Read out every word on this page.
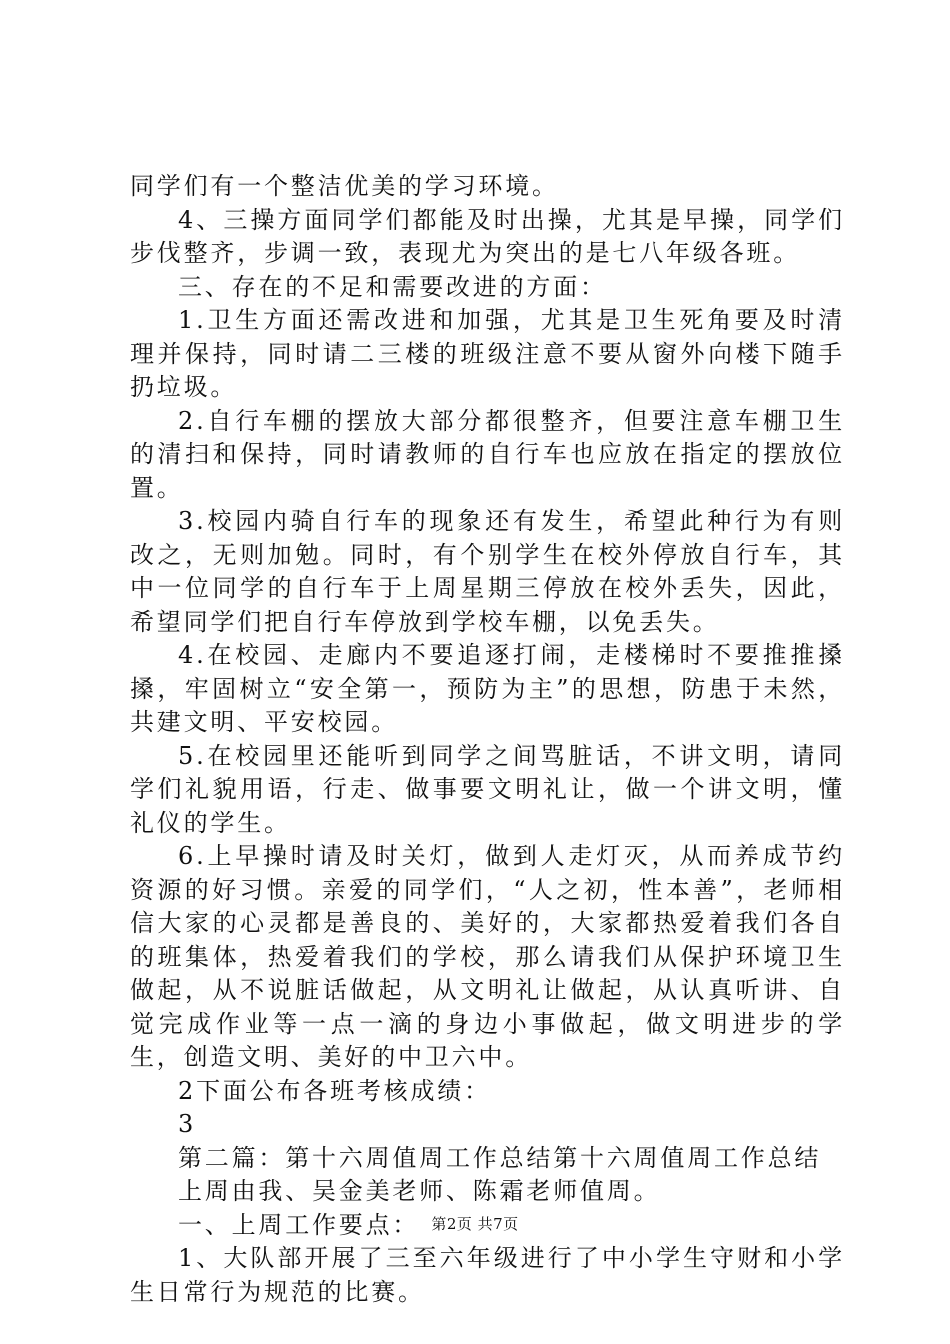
同学们有一个整洁优美的学习环境。

4、三操方面同学们都能及时出操，尤其是早操，同学们步伐整齐，步调一致，表现尤为突出的是七八年级各班。

三、存在的不足和需要改进的方面：

1.卫生方面还需改进和加强，尤其是卫生死角要及时清理并保持，同时请二三楼的班级注意不要从窗外向楼下随手扔垃圾。

2.自行车棚的摆放大部分都很整齐，但要注意车棚卫生的清扫和保持，同时请教师的自行车也应放在指定的摆放位置。

3.校园内骑自行车的现象还有发生，希望此种行为有则改之，无则加勉。同时，有个别学生在校外停放自行车，其中一位同学的自行车于上周星期三停放在校外丢失，因此，希望同学们把自行车停放到学校车棚，以免丢失。

4.在校园、走廊内不要追逐打闹，走楼梯时不要推推搡搡，牢固树立“安全第一，预防为主”的思想，防患于未然，共建文明、平安校园。

5.在校园里还能听到同学之间骂脏话，不讲文明，请同学们礼貌用语，行走、做事要文明礼让，做一个讲文明，懂礼仪的学生。

6.上早操时请及时关灯，做到人走灯灭，从而养成节约资源的好习惯。亲爱的同学们，“人之初，性本善”，老师相信大家的心灵都是善良的、美好的，大家都热爱着我们各自的班集体，热爱着我们的学校，那么请我们从保护环境卫生做起，从不说脏话做起，从文明礼让做起，从认真听讲、自觉完成作业等一点一滴的身边小事做起，做文明进步的学生，创造文明、美好的中卫六中。

2下面公布各班考核成绩：

3

第二篇：第十六周值周工作总结第十六周值周工作总结

上周由我、吴金美老师、陈霜老师值周。

一、上周工作要点：

1、大队部开展了三至六年级进行了中小学生守财和小学生日常行为规范的比赛。

第2页 共7页
